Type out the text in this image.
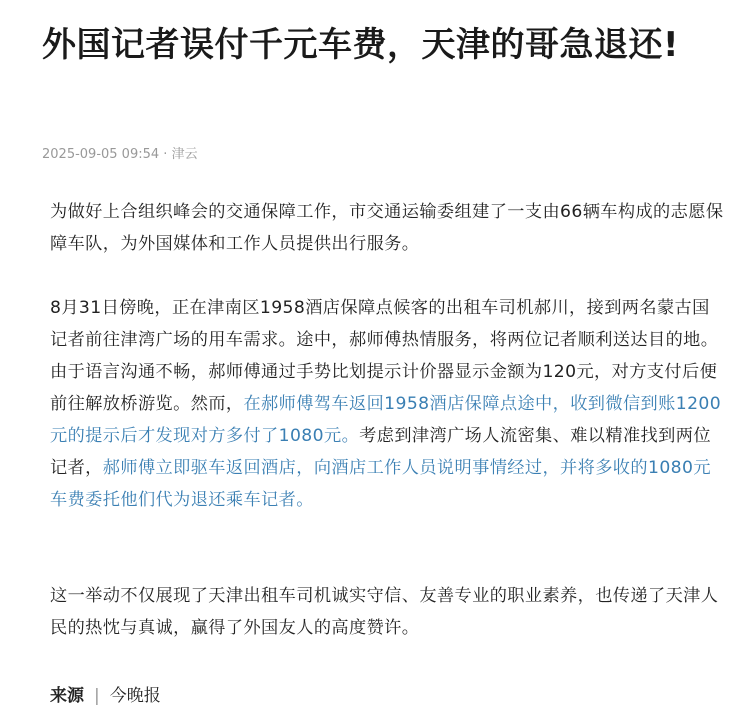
外国记者误付千元车费，天津的哥急退还!
2025-09-05 09:54 · 津云

为做好上合组织峰会的交通保障工作，市交通运输委组建了一支由66辆车构成的志愿保障车队，为外国媒体和工作人员提供出行服务。

8月31日傍晚，正在津南区1958酒店保障点候客的出租车司机郝川，接到两名蒙古国记者前往津湾广场的用车需求。途中，郝师傅热情服务，将两位记者顺利送达目的地。由于语言沟通不畅，郝师傅通过手势比划提示计价器显示金额为120元，对方支付后便前往解放桥游览。然而，在郝师傅驾车返回1958酒店保障点途中，收到微信到账1200元的提示后才发现对方多付了1080元。考虑到津湾广场人流密集、难以精准找到两位记者，郝师傅立即驱车返回酒店，向酒店工作人员说明事情经过，并将多收的1080元车费委托他们代为退还乘车记者。

这一举动不仅展现了天津出租车司机诚实守信、友善专业的职业素养，也传递了天津人民的热忱与真诚，赢得了外国友人的高度赞许。

来源 | 今晚报
